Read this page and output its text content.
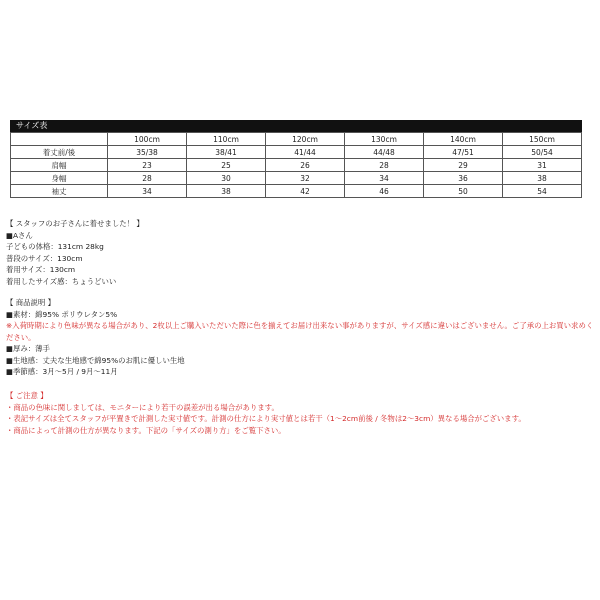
サイズ表
	100cm	110cm	120cm	130cm	140cm	150cm
着丈前/後	35/38	38/41	41/44	44/48	47/51	50/54
肩幅	23	25	26	28	29	31
身幅	28	30	32	34	36	38
袖丈	34	38	42	46	50	54
【 スタッフのお子さんに着せました！ 】
■Aさん
子どもの体格：131cm 28kg
普段のサイズ：130cm
着用サイズ：130cm
着用したサイズ感：ちょうどいい
【 商品説明 】
■素材：綿95% ポリウレタン5%
※入荷時期により色味が異なる場合があり、2枚以上ご購入いただいた際に色を揃えてお届け出来ない事がありますが、サイズ感に違いはございません。ご了承の上お買い求めください。
■厚み：薄手
■生地感：丈夫な生地感で綿95%のお肌に優しい生地
■季節感：3月～5月 / 9月～11月
【 ご注意 】
・商品の色味に関しましては、モニターにより若干の誤差が出る場合があります。
・表記サイズは全てスタッフが平置きで計測した実寸値です。計測の仕方により実寸値とは若干（1～2cm前後 / 冬物は2～3cm）異なる場合がございます。
・商品によって計測の仕方が異なります。下記の「サイズの測り方」をご覧下さい。
